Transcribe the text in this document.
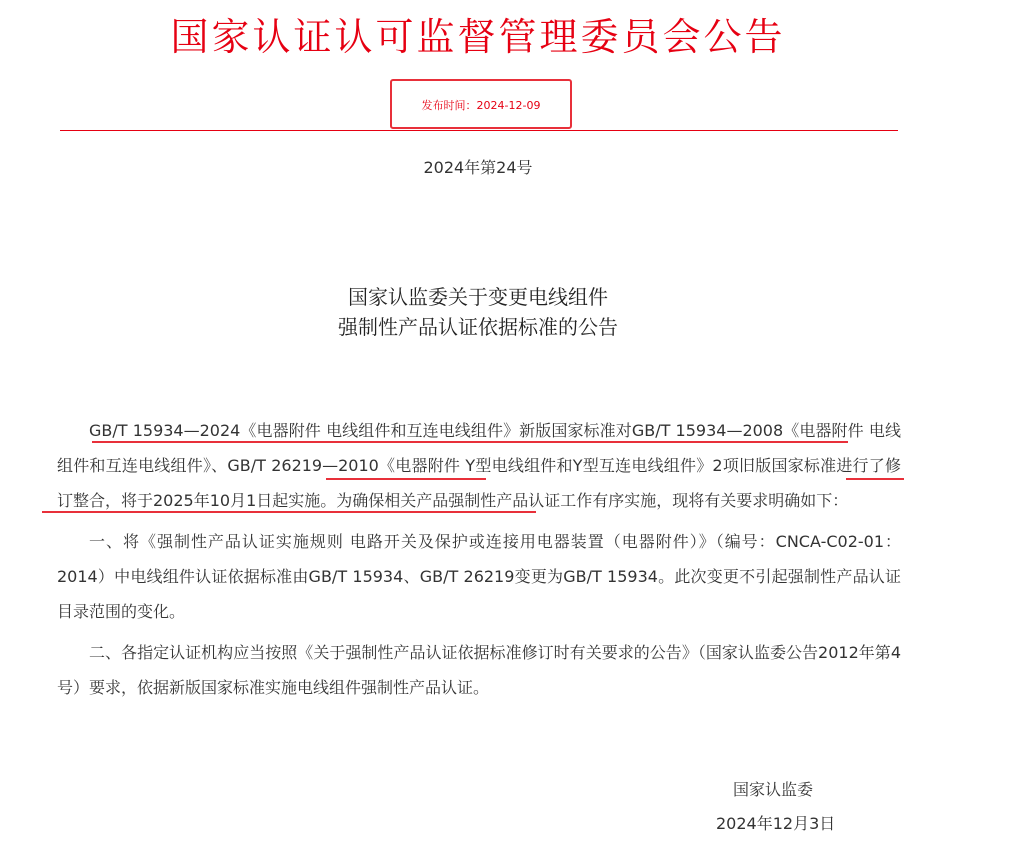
国家认证认可监督管理委员会公告
发布时间：2024-12-09
2024年第24号
国家认监委关于变更电线组件
强制性产品认证依据标准的公告

GB/T 15934—2024《电器附件 电线组件和互连电线组件》新版国家标准对GB/T 15934—2008《电器附件 电线组件和互连电线组件》、GB/T 26219—2010《电器附件 Y型电线组件和Y型互连电线组件》2项旧版国家标准进行了修订整合，将于2025年10月1日起实施。为确保相关产品强制性产品认证工作有序实施，现将有关要求明确如下：

一、将《强制性产品认证实施规则 电路开关及保护或连接用电器装置（电器附件）》（编号：CNCA-C02-01：2014）中电线组件认证依据标准由GB/T 15934、GB/T 26219变更为GB/T 15934。此次变更不引起强制性产品认证目录范围的变化。

二、各指定认证机构应当按照《关于强制性产品认证依据标准修订时有关要求的公告》（国家认监委公告2012年第4号）要求，依据新版国家标准实施电线组件强制性产品认证。

国家认监委
2024年12月3日
